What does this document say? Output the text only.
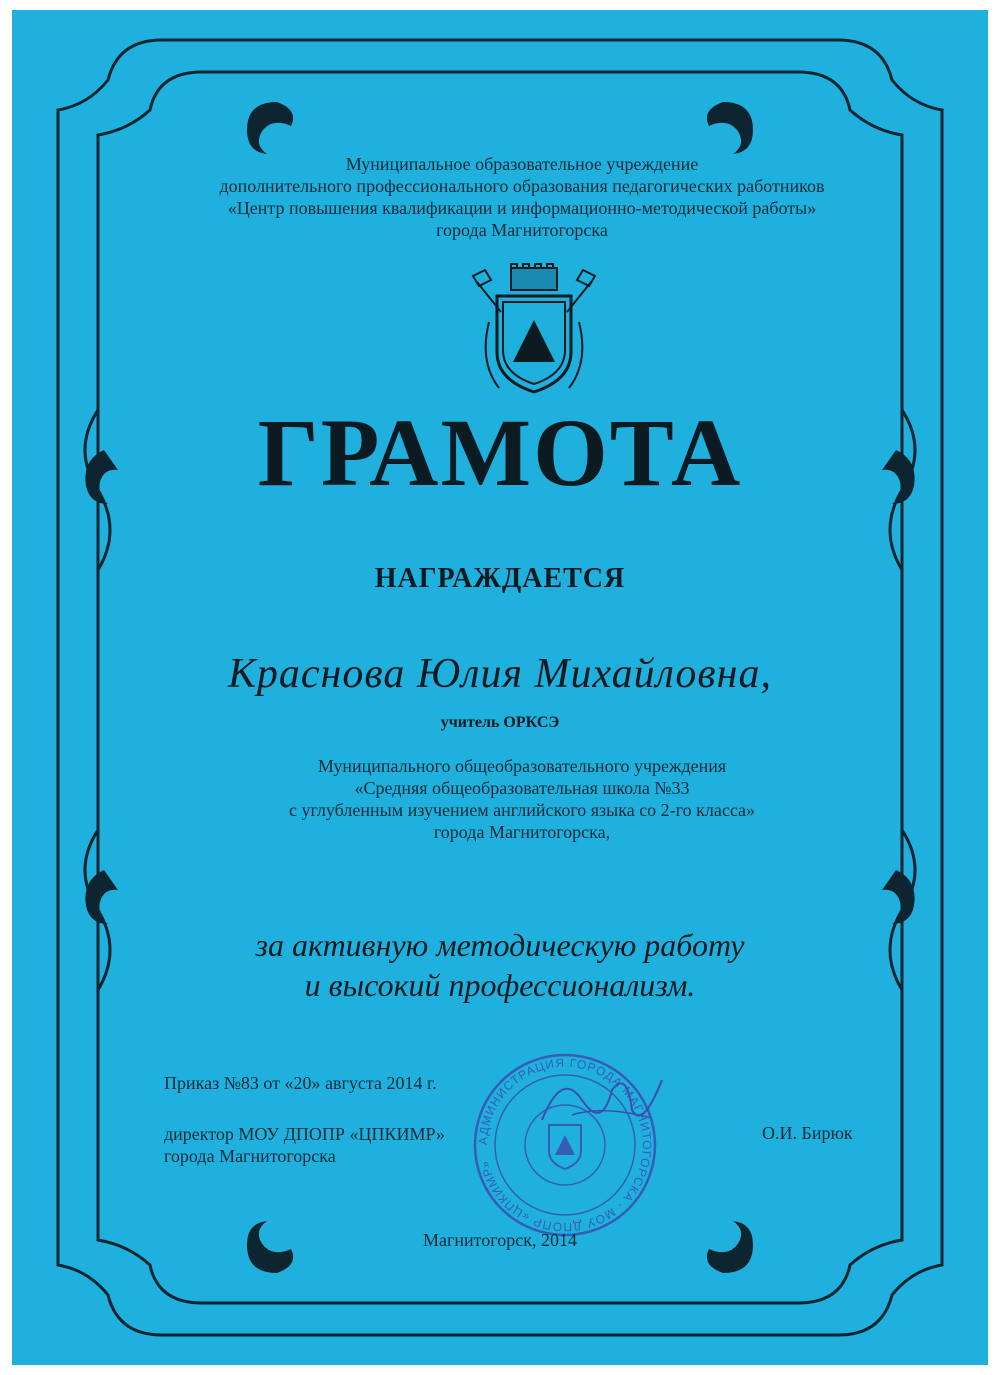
Муниципальное образовательное учреждение
дополнительного профессионального образования педагогических работников
«Центр повышения квалификации и информационно-методической работы»
города Магнитогорска
ГРАМОТА
НАГРАЖДАЕТСЯ
Краснова Юлия Михайловна,
учитель ОРКСЭ
Муниципального общеобразовательного учреждения
«Средняя общеобразовательная школа №33
с углубленным изучением английского языка со 2-го класса»
города Магнитогорска,
за активную методическую работу
и высокий профессионализм.
Приказ №83 от «20» августа 2014 г.
директор МОУ ДПОПР «ЦПКИМР»
города Магнитогорска
О.И. Бирюк
АДМИНИСТРАЦИЯ ГОРОДА МАГНИТОГОРСКА · МОУ ДПОПР «ЦПКИМР»
Магнитогорск, 2014
